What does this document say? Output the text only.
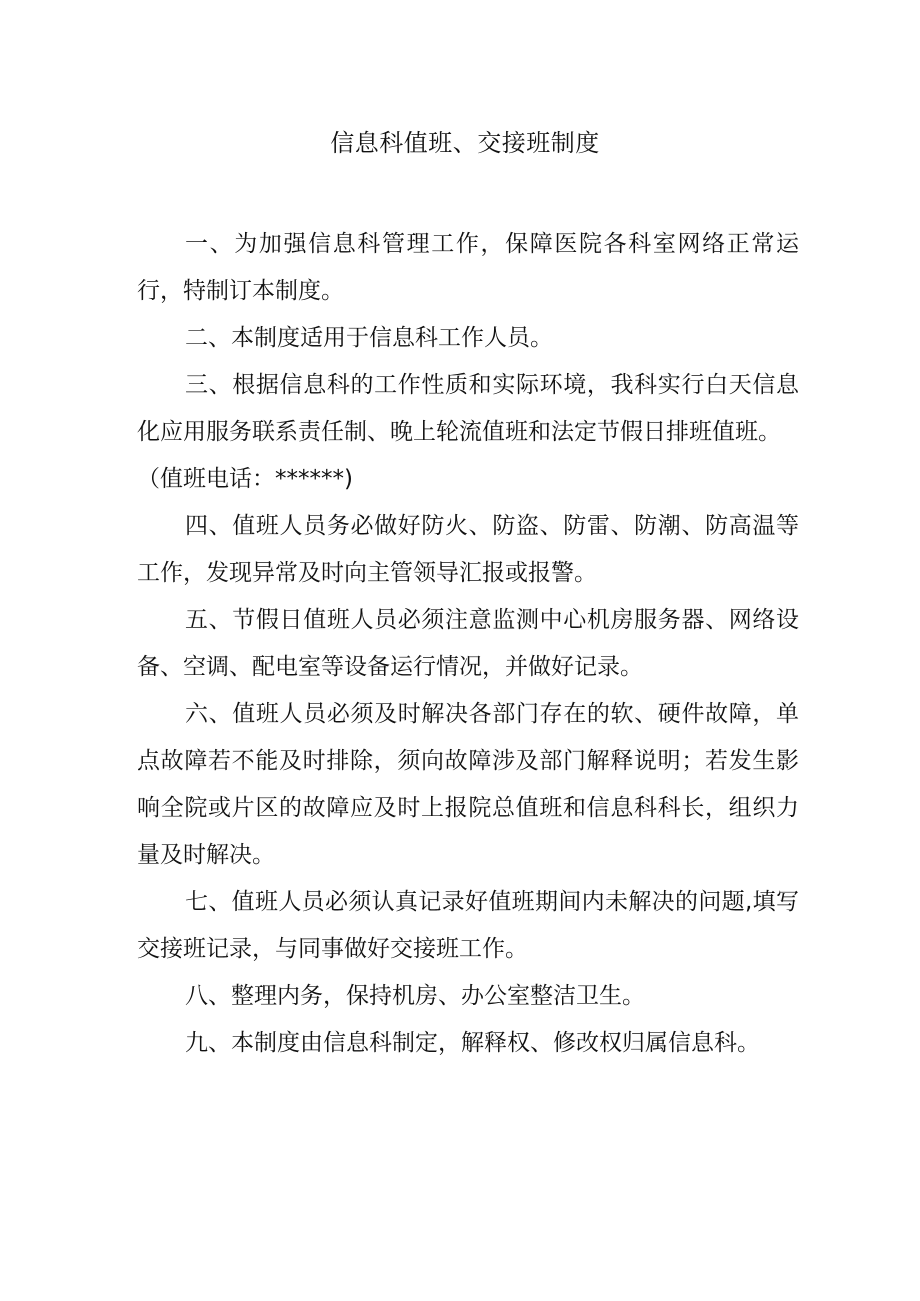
信息科值班、交接班制度

一、为加强信息科管理工作，保障医院各科室网络正常运行，特制订本制度。

二、本制度适用于信息科工作人员。

三、根据信息科的工作性质和实际环境，我科实行白天信息化应用服务联系责任制、晚上轮流值班和法定节假日排班值班。

（值班电话：******)

四、值班人员务必做好防火、防盗、防雷、防潮、防高温等工作，发现异常及时向主管领导汇报或报警。

五、节假日值班人员必须注意监测中心机房服务器、网络设备、空调、配电室等设备运行情况，并做好记录。

六、值班人员必须及时解决各部门存在的软、硬件故障，单点故障若不能及时排除，须向故障涉及部门解释说明；若发生影响全院或片区的故障应及时上报院总值班和信息科科长，组织力量及时解决。

七、值班人员必须认真记录好值班期间内未解决的问题,填写交接班记录，与同事做好交接班工作。

八、整理内务，保持机房、办公室整洁卫生。

九、本制度由信息科制定，解释权、修改权归属信息科。
